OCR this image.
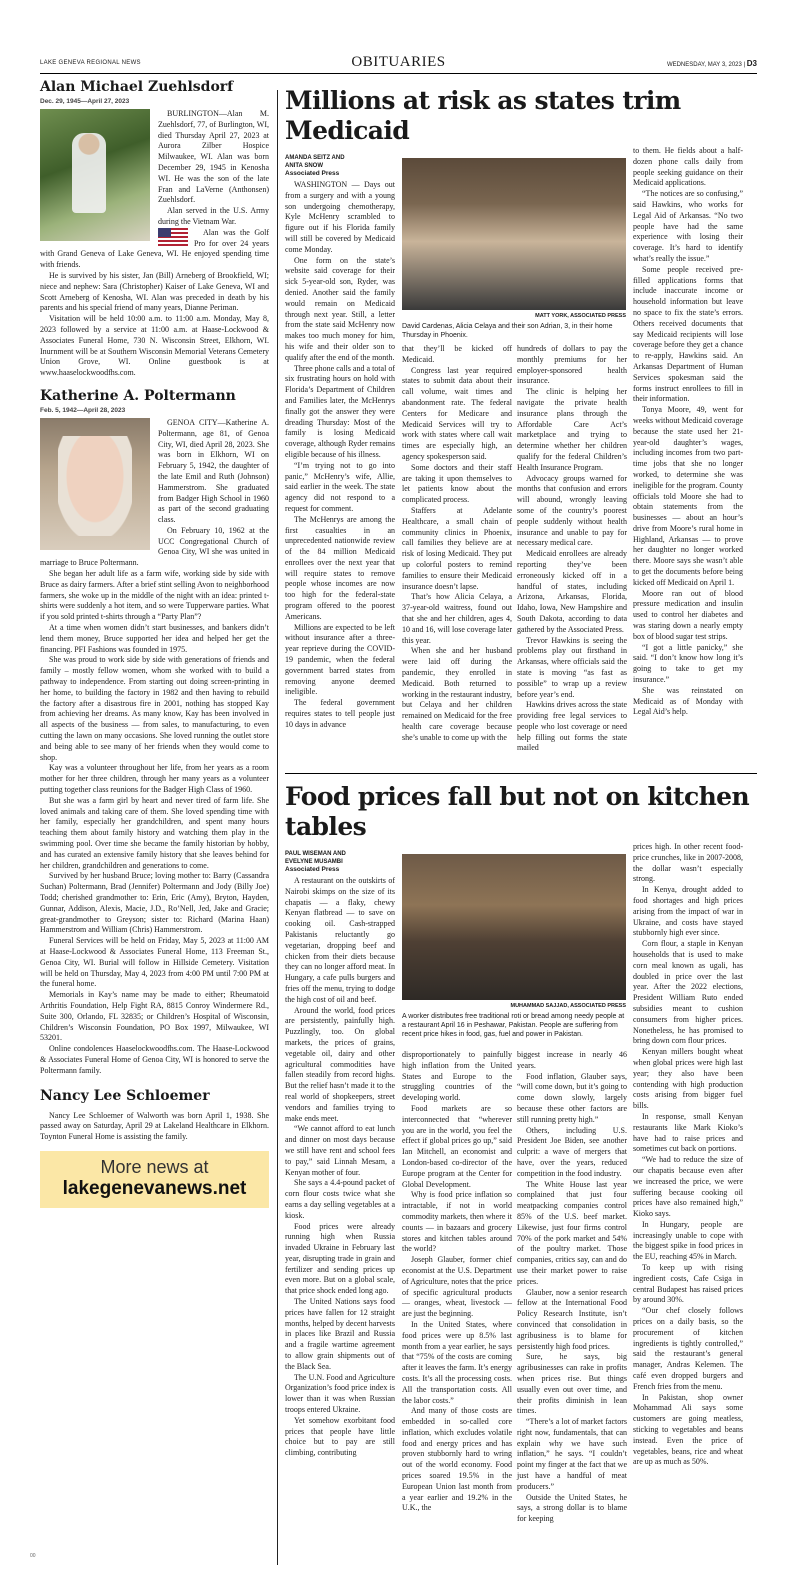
LAKE GENEVA REGIONAL NEWS	OBITUARIES	WEDNESDAY, MAY 3, 2023 | D3
Alan Michael Zuehlsdorf
Dec. 29, 1945—April 27, 2023

BURLINGTON—Alan M. Zuehlsdorf, 77, of Burlington, WI, died Thursday April 27, 2023 at Aurora Zilber Hospice Milwaukee, WI. Alan was born December 29, 1945 in Kenosha WI. He was the son of the late Fran and LaVerne (Anthonsen) Zuehlsdorf.

Alan served in the U.S. Army during the Vietnam War.

Alan was the Golf Pro for over 24 years with Grand Geneva of Lake Geneva, WI. He enjoyed spending time with friends.

He is survived by his sister, Jan (Bill) Arneberg of Brookfield, WI; niece and nephew: Sara (Christopher) Kaiser of Lake Geneva, WI and Scott Arneberg of Kenosha, WI. Alan was preceded in death by his parents and his special friend of many years, Dianne Periman.

Visitation will be held 10:00 a.m. to 11:00 a.m. Monday, May 8, 2023 followed by a service at 11:00 a.m. at Haase-Lockwood & Associates Funeral Home, 730 N. Wisconsin Street, Elkhorn, WI. Inurnment will be at Southern Wisconsin Memorial Veterans Cemetery Union Grove, WI. Online guestbook is at www.haaselockwoodfhs.com.

Katherine A. Poltermann
Feb. 5, 1942—April 28, 2023

GENOA CITY—Katherine A. Poltermann, age 81, of Genoa City, WI, died April 28, 2023. She was born in Elkhorn, WI on February 5, 1942, the daughter of the late Emil and Ruth (Johnson) Hammerstrom. She graduated from Badger High School in 1960 as part of the second graduating class.

On February 10, 1962 at the UCC Congregational Church of Genoa City, WI she was united in marriage to Bruce Poltermann.

She began her adult life as a farm wife, working side by side with Bruce as dairy farmers. After a brief stint selling Avon to neighborhood farmers, she woke up in the middle of the night with an idea: printed t-shirts were suddenly a hot item, and so were Tupperware parties. What if you sold printed t-shirts through a “Party Plan”?

At a time when women didn’t start businesses, and bankers didn’t lend them money, Bruce supported her idea and helped her get the financing. PFI Fashions was founded in 1975.

She was proud to work side by side with generations of friends and family – mostly fellow women, whom she worked with to build a pathway to independence. From starting out doing screen-printing in her home, to building the factory in 1982 and then having to rebuild the factory after a disastrous fire in 2001, nothing has stopped Kay from achieving her dreams. As many know, Kay has been involved in all aspects of the business — from sales, to manufacturing, to even cutting the lawn on many occasions. She loved running the outlet store and being able to see many of her friends when they would come to shop.

Kay was a volunteer throughout her life, from her years as a room mother for her three children, through her many years as a volunteer putting together class reunions for the Badger High Class of 1960.

But she was a farm girl by heart and never tired of farm life. She loved animals and taking care of them. She loved spending time with her family, especially her grandchildren, and spent many hours teaching them about family history and watching them play in the swimming pool. Over time she became the family historian by hobby, and has curated an extensive family history that she leaves behind for her children, grandchildren and generations to come.

Survived by her husband Bruce; loving mother to: Barry (Cassandra Suchan) Poltermann, Brad (Jennifer) Poltermann and Jody (Billy Joe) Todd; cherished grandmother to: Erin, Eric (Amy), Bryton, Hayden, Gunnar, Addison, Alexis, Macie, J.D., Ro’Nell, Jed, Jake and Gracie; great-grandmother to Greyson; sister to: Richard (Marina Haan) Hammerstrom and William (Chris) Hammerstrom.

Funeral Services will be held on Friday, May 5, 2023 at 11:00 AM at Haase-Lockwood & Associates Funeral Home, 113 Freeman St., Genoa City, WI. Burial will follow in Hillside Cemetery. Visitation will be held on Thursday, May 4, 2023 from 4:00 PM until 7:00 PM at the funeral home.

Memorials in Kay’s name may be made to either; Rheumatoid Arthritis Foundation, Help Fight RA, 8815 Conroy Windermere Rd., Suite 300, Orlando, FL 32835; or Children’s Hospital of Wisconsin, Children’s Wisconsin Foundation, PO Box 1997, Milwaukee, WI 53201.

Online condolences Haaselockwoodfhs.com. The Haase-Lockwood & Associates Funeral Home of Genoa City, WI is honored to serve the Poltermann family.

Nancy Lee Schloemer

Nancy Lee Schloemer of Walworth was born April 1, 1938. She passed away on Saturday, April 29 at Lakeland Healthcare in Elkhorn. Toynton Funeral Home is assisting the family.

More news at
lakegenevanews.net
Millions at risk as states trim Medicaid
AMANDA SEITZ AND
ANITA SNOW
Associated Press

WASHINGTON — Days out from a surgery and with a young son undergoing chemotherapy, Kyle McHenry scrambled to figure out if his Florida family will still be covered by Medicaid come Monday.

One form on the state’s website said coverage for their sick 5-year-old son, Ryder, was denied. Another said the family would remain on Medicaid through next year. Still, a letter from the state said McHenry now makes too much money for him, his wife and their older son to qualify after the end of the month.

Three phone calls and a total of six frustrating hours on hold with Florida’s Department of Children and Families later, the McHenrys finally got the answer they were dreading Thursday: Most of the family is losing Medicaid coverage, although Ryder remains eligible because of his illness.

“I’m trying not to go into panic,” McHenry’s wife, Allie, said earlier in the week. The state agency did not respond to a request for comment.

The McHenrys are among the first casualties in an unprecedented nationwide review of the 84 million Medicaid enrollees over the next year that will require states to remove people whose incomes are now too high for the federal-state program offered to the poorest Americans.

Millions are expected to be left without insurance after a three-year reprieve during the COVID-19 pandemic, when the federal government barred states from removing anyone deemed ineligible.

The federal government requires states to tell people just 10 days in advance

MATT YORK, ASSOCIATED PRESS
David Cardenas, Alicia Celaya and their son Adrian, 3, in their home Thursday in Phoenix.

that they’ll be kicked off Medicaid.

Congress last year required states to submit data about their call volume, wait times and abandonment rate. The federal Centers for Medicare and Medicaid Services will try to work with states where call wait times are especially high, an agency spokesperson said.

Some doctors and their staff are taking it upon themselves to let patients know about the complicated process.

Staffers at Adelante Healthcare, a small chain of community clinics in Phoenix, call families they believe are at risk of losing Medicaid. They put up colorful posters to remind families to ensure their Medicaid insurance doesn’t lapse.

That’s how Alicia Celaya, a 37-year-old waitress, found out that she and her children, ages 4, 10 and 16, will lose coverage later this year.

When she and her husband were laid off during the pandemic, they enrolled in Medicaid. Both returned to working in the restaurant industry, but Celaya and her children remained on Medicaid for the free health care coverage because she’s unable to come up with the

hundreds of dollars to pay the monthly premiums for her employer-sponsored health insurance.

The clinic is helping her navigate the private health insurance plans through the Affordable Care Act’s marketplace and trying to determine whether her children qualify for the federal Children’s Health Insurance Program.

Advocacy groups warned for months that confusion and errors will abound, wrongly leaving some of the country’s poorest people suddenly without health insurance and unable to pay for necessary medical care.

Medicaid enrollees are already reporting they’ve been erroneously kicked off in a handful of states, including Arizona, Arkansas, Florida, Idaho, Iowa, New Hampshire and South Dakota, according to data gathered by the Associated Press.

Trevor Hawkins is seeing the problems play out firsthand in Arkansas, where officials said the state is moving “as fast as possible” to wrap up a review before year’s end.

Hawkins drives across the state providing free legal services to people who lost coverage or need help filling out forms the state mailed

to them. He fields about a half-dozen phone calls daily from people seeking guidance on their Medicaid applications.

“The notices are so confusing,” said Hawkins, who works for Legal Aid of Arkansas. “No two people have had the same experience with losing their coverage. It’s hard to identify what’s really the issue.”

Some people received pre-filled applications forms that include inaccurate income or household information but leave no space to fix the state’s errors. Others received documents that say Medicaid recipients will lose coverage before they get a chance to re-apply, Hawkins said. An Arkansas Department of Human Services spokesman said the forms instruct enrollees to fill in their information.

Tonya Moore, 49, went for weeks without Medicaid coverage because the state used her 21-year-old daughter’s wages, including incomes from two part-time jobs that she no longer worked, to determine she was ineligible for the program. County officials told Moore she had to obtain statements from the businesses — about an hour’s drive from Moore’s rural home in Highland, Arkansas — to prove her daughter no longer worked there. Moore says she wasn’t able to get the documents before being kicked off Medicaid on April 1.

Moore ran out of blood pressure medication and insulin used to control her diabetes and was staring down a nearly empty box of blood sugar test strips.

“I got a little panicky,” she said. “I don’t know how long it’s going to take to get my insurance.”

She was reinstated on Medicaid as of Monday with Legal Aid’s help.

Food prices fall but not on kitchen tables
PAUL WISEMAN AND
EVELYNE MUSAMBI
Associated Press

A restaurant on the outskirts of Nairobi skimps on the size of its chapatis — a flaky, chewy Kenyan flatbread — to save on cooking oil. Cash-strapped Pakistanis reluctantly go vegetarian, dropping beef and chicken from their diets because they can no longer afford meat. In Hungary, a cafe pulls burgers and fries off the menu, trying to dodge the high cost of oil and beef.

Around the world, food prices are persistently, painfully high. Puzzlingly, too. On global markets, the prices of grains, vegetable oil, dairy and other agricultural commodities have fallen steadily from record highs. But the relief hasn’t made it to the real world of shopkeepers, street vendors and families trying to make ends meet.

“We cannot afford to eat lunch and dinner on most days because we still have rent and school fees to pay,” said Linnah Mesam, a Kenyan mother of four.

She says a 4.4-pound packet of corn flour costs twice what she earns a day selling vegetables at a kiosk.

Food prices were already running high when Russia invaded Ukraine in February last year, disrupting trade in grain and fertilizer and sending prices up even more. But on a global scale, that price shock ended long ago.

The United Nations says food prices have fallen for 12 straight months, helped by decent harvests in places like Brazil and Russia and a fragile wartime agreement to allow grain shipments out of the Black Sea.

The U.N. Food and Agriculture Organization’s food price index is lower than it was when Russian troops entered Ukraine.

Yet somehow exorbitant food prices that people have little choice but to pay are still climbing, contributing

MUHAMMAD SAJJAD, ASSOCIATED PRESS
A worker distributes free traditional roti or bread among needy people at a restaurant April 16 in Peshawar, Pakistan. People are suffering from recent price hikes in food, gas, fuel and power in Pakistan.

disproportionately to painfully high inflation from the United States and Europe to the struggling countries of the developing world.

Food markets are so interconnected that “wherever you are in the world, you feel the effect if global prices go up,” said Ian Mitchell, an economist and London-based co-director of the Europe program at the Center for Global Development.

Why is food price inflation so intractable, if not in world commodity markets, then where it counts — in bazaars and grocery stores and kitchen tables around the world?

Joseph Glauber, former chief economist at the U.S. Department of Agriculture, notes that the price of specific agricultural products — oranges, wheat, livestock — are just the beginning.

In the United States, where food prices were up 8.5% last month from a year earlier, he says that “75% of the costs are coming after it leaves the farm. It’s energy costs. It’s all the processing costs. All the transportation costs. All the labor costs.”

And many of those costs are embedded in so-called core inflation, which excludes volatile food and energy prices and has proven stubbornly hard to wring out of the world economy. Food prices soared 19.5% in the European Union last month from a year earlier and 19.2% in the U.K., the

biggest increase in nearly 46 years.

Food inflation, Glauber says, “will come down, but it’s going to come down slowly, largely because these other factors are still running pretty high.”

Others, including U.S. President Joe Biden, see another culprit: a wave of mergers that have, over the years, reduced competition in the food industry.

The White House last year complained that just four meatpacking companies control 85% of the U.S. beef market. Likewise, just four firms control 70% of the pork market and 54% of the poultry market. Those companies, critics say, can and do use their market power to raise prices.

Glauber, now a senior research fellow at the International Food Policy Research Institute, isn’t convinced that consolidation in agribusiness is to blame for persistently high food prices.

Sure, he says, big agribusinesses can rake in profits when prices rise. But things usually even out over time, and their profits diminish in lean times.

“There’s a lot of market factors right now, fundamentals, that can explain why we have such inflation,” he says. “I couldn’t point my finger at the fact that we just have a handful of meat producers.”

Outside the United States, he says, a strong dollar is to blame for keeping

prices high. In other recent food-price crunches, like in 2007-2008, the dollar wasn’t especially strong.

In Kenya, drought added to food shortages and high prices arising from the impact of war in Ukraine, and costs have stayed stubbornly high ever since.

Corn flour, a staple in Kenyan households that is used to make corn meal known as ugali, has doubled in price over the last year. After the 2022 elections, President William Ruto ended subsidies meant to cushion consumers from higher prices. Nonetheless, he has promised to bring down corn flour prices.

Kenyan millers bought wheat when global prices were high last year; they also have been contending with high production costs arising from bigger fuel bills.

In response, small Kenyan restaurants like Mark Kioko’s have had to raise prices and sometimes cut back on portions.

“We had to reduce the size of our chapatis because even after we increased the price, we were suffering because cooking oil prices have also remained high,” Kioko says.

In Hungary, people are increasingly unable to cope with the biggest spike in food prices in the EU, reaching 45% in March.

To keep up with rising ingredient costs, Cafe Csiga in central Budapest has raised prices by around 30%.

“Our chef closely follows prices on a daily basis, so the procurement of kitchen ingredients is tightly controlled,” said the restaurant’s general manager, Andras Kelemen. The café even dropped burgers and French fries from the menu.

In Pakistan, shop owner Mohammad Ali says some customers are going meatless, sticking to vegetables and beans instead. Even the price of vegetables, beans, rice and wheat are up as much as 50%.

00
